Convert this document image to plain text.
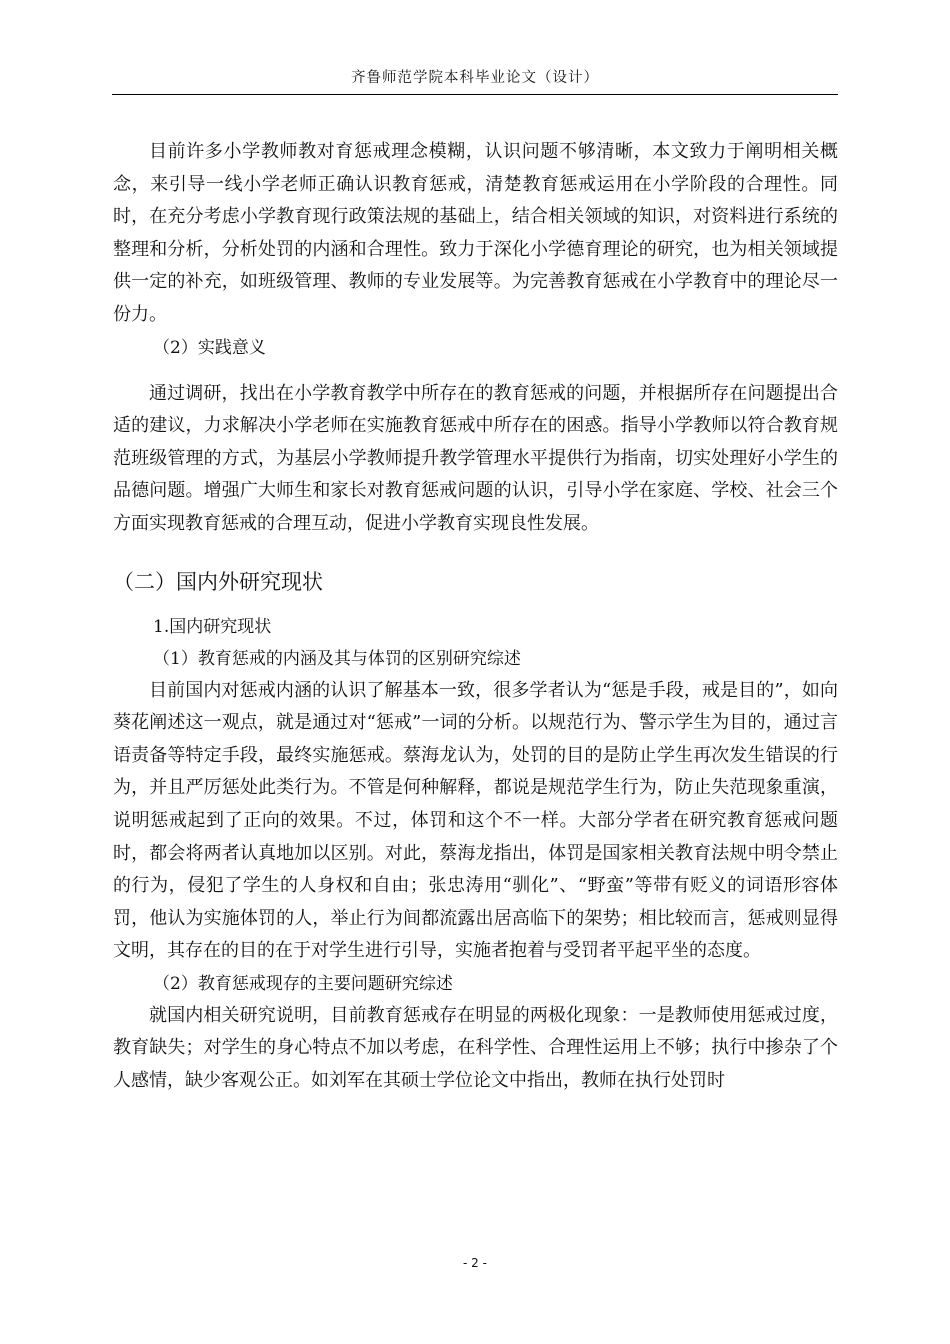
齐鲁师范学院本科毕业论文（设计）

目前许多小学教师教对育惩戒理念模糊，认识问题不够清晰，本文致力于阐明相关概念，来引导一线小学老师正确认识教育惩戒，清楚教育惩戒运用在小学阶段的合理性。同时，在充分考虑小学教育现行政策法规的基础上，结合相关领域的知识，对资料进行系统的整理和分析，分析处罚的内涵和合理性。致力于深化小学德育理论的研究，也为相关领域提供一定的补充，如班级管理、教师的专业发展等。为完善教育惩戒在小学教育中的理论尽一份力。

（2）实践意义

通过调研，找出在小学教育教学中所存在的教育惩戒的问题，并根据所存在问题提出合适的建议，力求解决小学老师在实施教育惩戒中所存在的困惑。指导小学教师以符合教育规范班级管理的方式，为基层小学教师提升教学管理水平提供行为指南，切实处理好小学生的品德问题。增强广大师生和家长对教育惩戒问题的认识，引导小学在家庭、学校、社会三个方面实现教育惩戒的合理互动，促进小学教育实现良性发展。

（二）国内外研究现状

1.国内研究现状

（1）教育惩戒的内涵及其与体罚的区别研究综述

目前国内对惩戒内涵的认识了解基本一致，很多学者认为“惩是手段，戒是目的”，如向葵花阐述这一观点，就是通过对“惩戒”一词的分析。以规范行为、警示学生为目的，通过言语责备等特定手段，最终实施惩戒。蔡海龙认为，处罚的目的是防止学生再次发生错误的行为，并且严厉惩处此类行为。不管是何种解释，都说是规范学生行为，防止失范现象重演，说明惩戒起到了正向的效果。不过，体罚和这个不一样。大部分学者在研究教育惩戒问题时，都会将两者认真地加以区别。对此，蔡海龙指出，体罚是国家相关教育法规中明令禁止的行为，侵犯了学生的人身权和自由；张忠涛用“驯化”、“野蛮”等带有贬义的词语形容体罚，他认为实施体罚的人，举止行为间都流露出居高临下的架势；相比较而言，惩戒则显得文明，其存在的目的在于对学生进行引导，实施者抱着与受罚者平起平坐的态度。

（2）教育惩戒现存的主要问题研究综述

就国内相关研究说明，目前教育惩戒存在明显的两极化现象：一是教师使用惩戒过度，教育缺失；对学生的身心特点不加以考虑，在科学性、合理性运用上不够；执行中掺杂了个人感情，缺少客观公正。如刘军在其硕士学位论文中指出，教师在执行处罚时

- 2 -
